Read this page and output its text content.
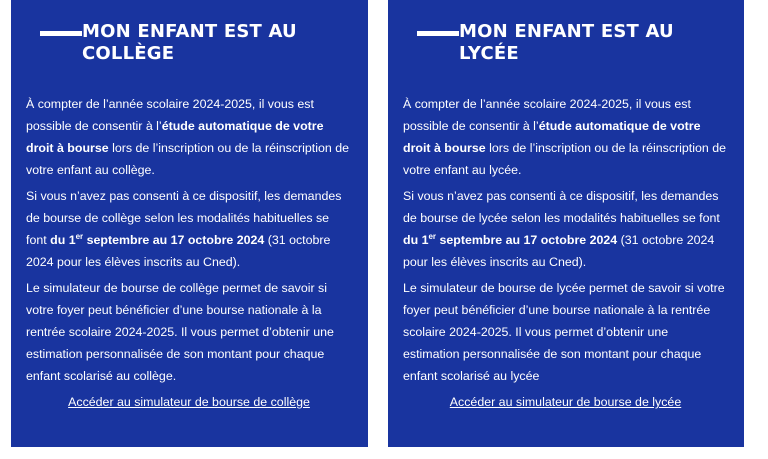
MON ENFANT EST AU
COLLÈGE

À compter de l’année scolaire 2024-2025, il vous est possible de consentir à l’étude automatique de votre droit à bourse lors de l’inscription ou de la réinscription de votre enfant au collège.

Si vous n’avez pas consenti à ce dispositif, les demandes de bourse de collège selon les modalités habituelles se font du 1er septembre au 17 octobre 2024 (31 octobre 2024 pour les élèves inscrits au Cned).

Le simulateur de bourse de collège permet de savoir si votre foyer peut bénéficier d’une bourse nationale à la rentrée scolaire 2024-2025. Il vous permet d’obtenir une estimation personnalisée de son montant pour chaque enfant scolarisé au collège.

Accéder au simulateur de bourse de collège
MON ENFANT EST AU
LYCÉE

À compter de l’année scolaire 2024-2025, il vous est possible de consentir à l’étude automatique de votre droit à bourse lors de l’inscription ou de la réinscription de votre enfant au lycée.

Si vous n’avez pas consenti à ce dispositif, les demandes de bourse de lycée selon les modalités habituelles se font du 1er septembre au 17 octobre 2024 (31 octobre 2024 pour les élèves inscrits au Cned).

Le simulateur de bourse de lycée permet de savoir si votre foyer peut bénéficier d’une bourse nationale à la rentrée scolaire 2024-2025. Il vous permet d’obtenir une estimation personnalisée de son montant pour chaque enfant scolarisé au lycée

Accéder au simulateur de bourse de lycée
